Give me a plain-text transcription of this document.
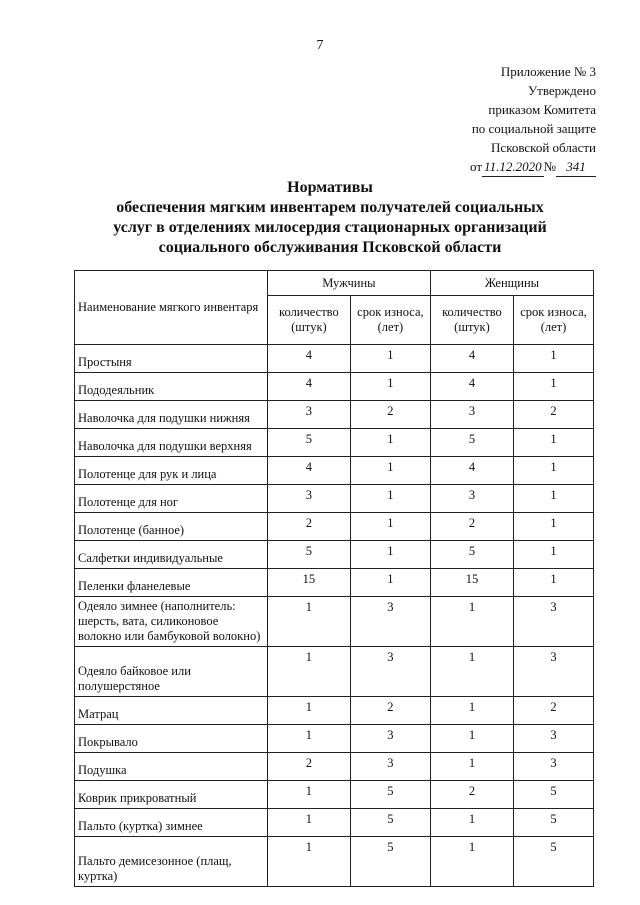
7
Приложение № 3
Утверждено
приказом Комитета
по социальной защите
Псковской области
от 11.12.2020 № 341
Нормативы
обеспечения мягким инвентарем получателей социальных
услуг в отделениях милосердия стационарных организаций
социального обслуживания Псковской области
Наименование мягкого инвентаря	Мужчины		Женщины	
	количество (штук)	срок износа, (лет)	количество (штук)	срок износа, (лет)
Простыня	4	1	4	1
Пододеяльник	4	1	4	1
Наволочка для подушки нижняя	3	2	3	2
Наволочка для подушки верхняя	5	1	5	1
Полотенце для рук и лица	4	1	4	1
Полотенце для ног	3	1	3	1
Полотенце (банное)	2	1	2	1
Салфетки индивидуальные	5	1	5	1
Пеленки фланелевые	15	1	15	1
Одеяло зимнее (наполнитель: шерсть, вата, силиконовое волокно или бамбуковой волокно)	1	3	1	3
Одеяло байковое или полушерстяное	1	3	1	3
Матрац	1	2	1	2
Покрывало	1	3	1	3
Подушка	2	3	1	3
Коврик прикроватный	1	5	2	5
Пальто (куртка) зимнее	1	5	1	5
Пальто демисезонное (плащ, куртка)	1	5	1	5
